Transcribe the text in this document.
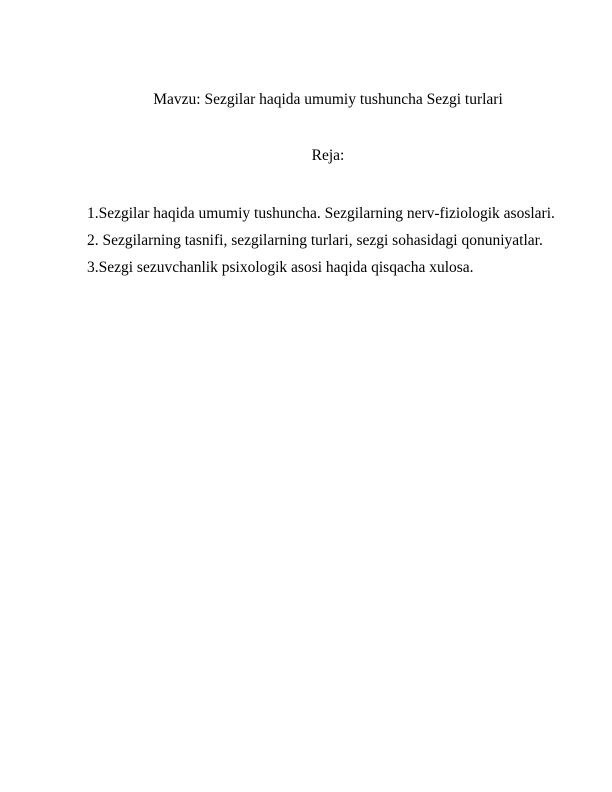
Mavzu: Sezgilar haqida umumiy tushuncha Sezgi turlari
Reja:
1.Sezgilar haqida umumiy tushuncha. Sezgilarning nerv-fiziologik asoslari.
2. Sezgilarning tasnifi, sezgilarning turlari, sezgi sohasidagi qonuniyatlar.
3.Sezgi sezuvchanlik psixologik asosi haqida qisqacha xulosa.
